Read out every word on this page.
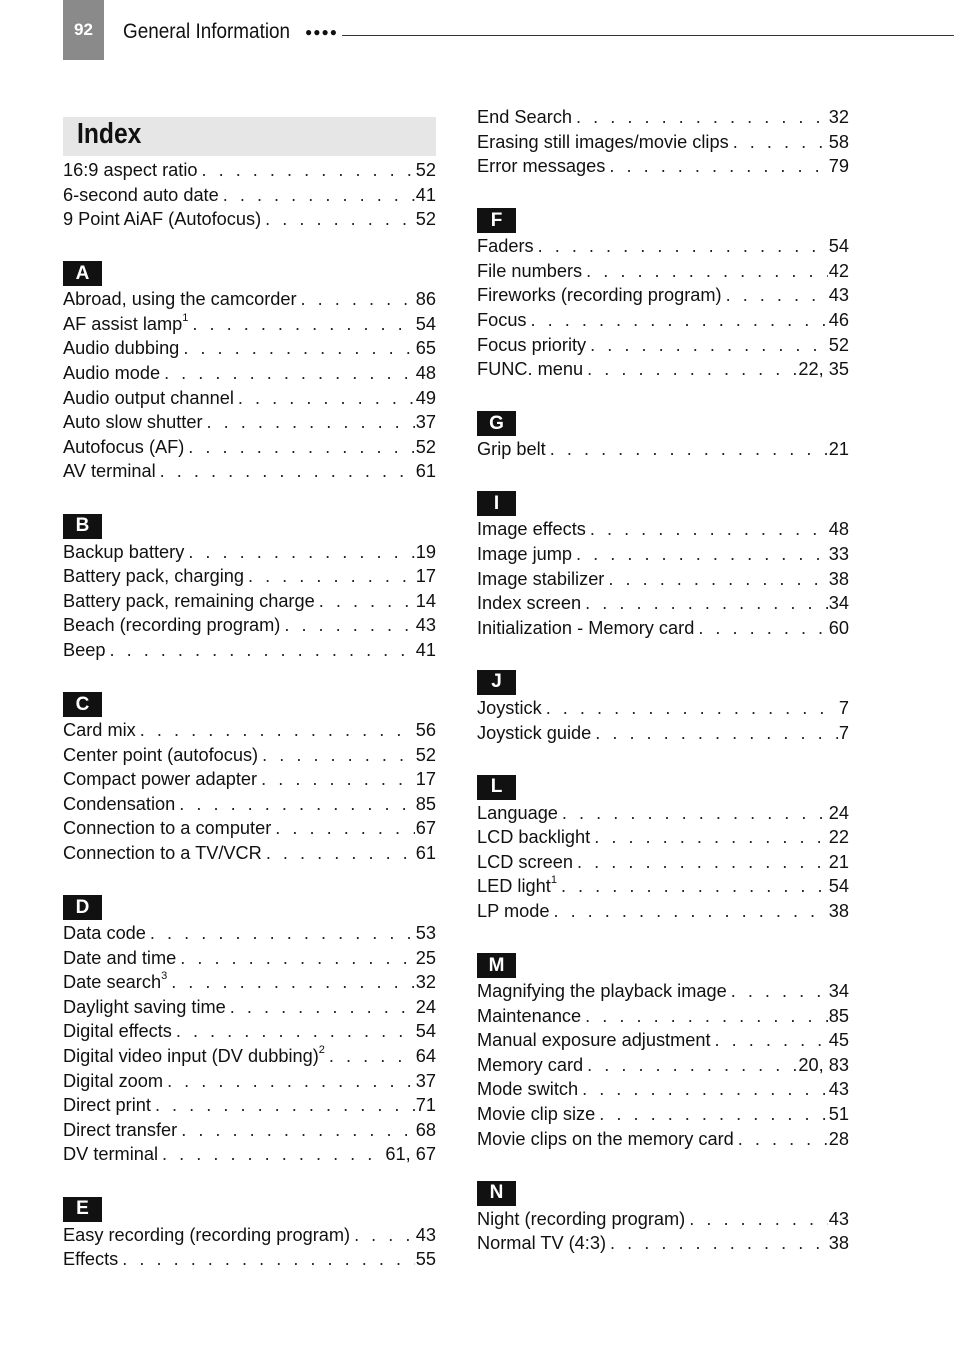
92	General Information ●●●●
Index
16:9 aspect ratio . . .	52
6-second auto date . . .	41
9 Point AiAF (Autofocus) . . .	52
A
Abroad, using the camcorder . . .	86
AF assist lamp$^1$ . . .	54
Audio dubbing . . .	65
Audio mode . . .	48
Audio output channel . . .	49
Auto slow shutter . . .	37
Autofocus (AF) . . .	52
AV terminal . . .	61
B
Backup battery . . .	19
Battery pack, charging . . .	17
Battery pack, remaining charge . . .	14
Beach (recording program) . . .	43
Beep . . .	41
C
Card mix . . .	56
Center point (autofocus) . . .	52
Compact power adapter . . .	17
Condensation . . .	85
Connection to a computer . . .	67
Connection to a TV/VCR . . .	61
D
Data code . . .	53
Date and time . . .	25
Date search$^3$ . . .	32
Daylight saving time . . .	24
Digital effects . . .	54
Digital video input (DV dubbing)$^2$ . . .	64
Digital zoom . . .	37
Direct print . . .	71
Direct transfer . . .	68
DV terminal . . .	61, 67
E
Easy recording (recording program) . . .	43
Effects . . .	55
End Search . . .	32
Erasing still images/movie clips . . .	58
Error messages . . .	79
F
Faders . . .	54
File numbers . . .	42
Fireworks (recording program) . . .	43
Focus . . .	46
Focus priority . . .	52
FUNC. menu . . .	22, 35
G
Grip belt . . .	21
I
Image effects . . .	48
Image jump . . .	33
Image stabilizer . . .	38
Index screen . . .	34
Initialization - Memory card . . .	60
J
Joystick . . .	7
Joystick guide . . .	7
L
Language . . .	24
LCD backlight . . .	22
LCD screen . . .	21
LED light$^1$ . . .	54
LP mode . . .	38
M
Magnifying the playback image . . .	34
Maintenance . . .	85
Manual exposure adjustment . . .	45
Memory card . . .	20, 83
Mode switch . . .	43
Movie clip size . . .	51
Movie clips on the memory card . . .	28
N
Night (recording program) . . .	43
Normal TV (4:3) . . .	38
